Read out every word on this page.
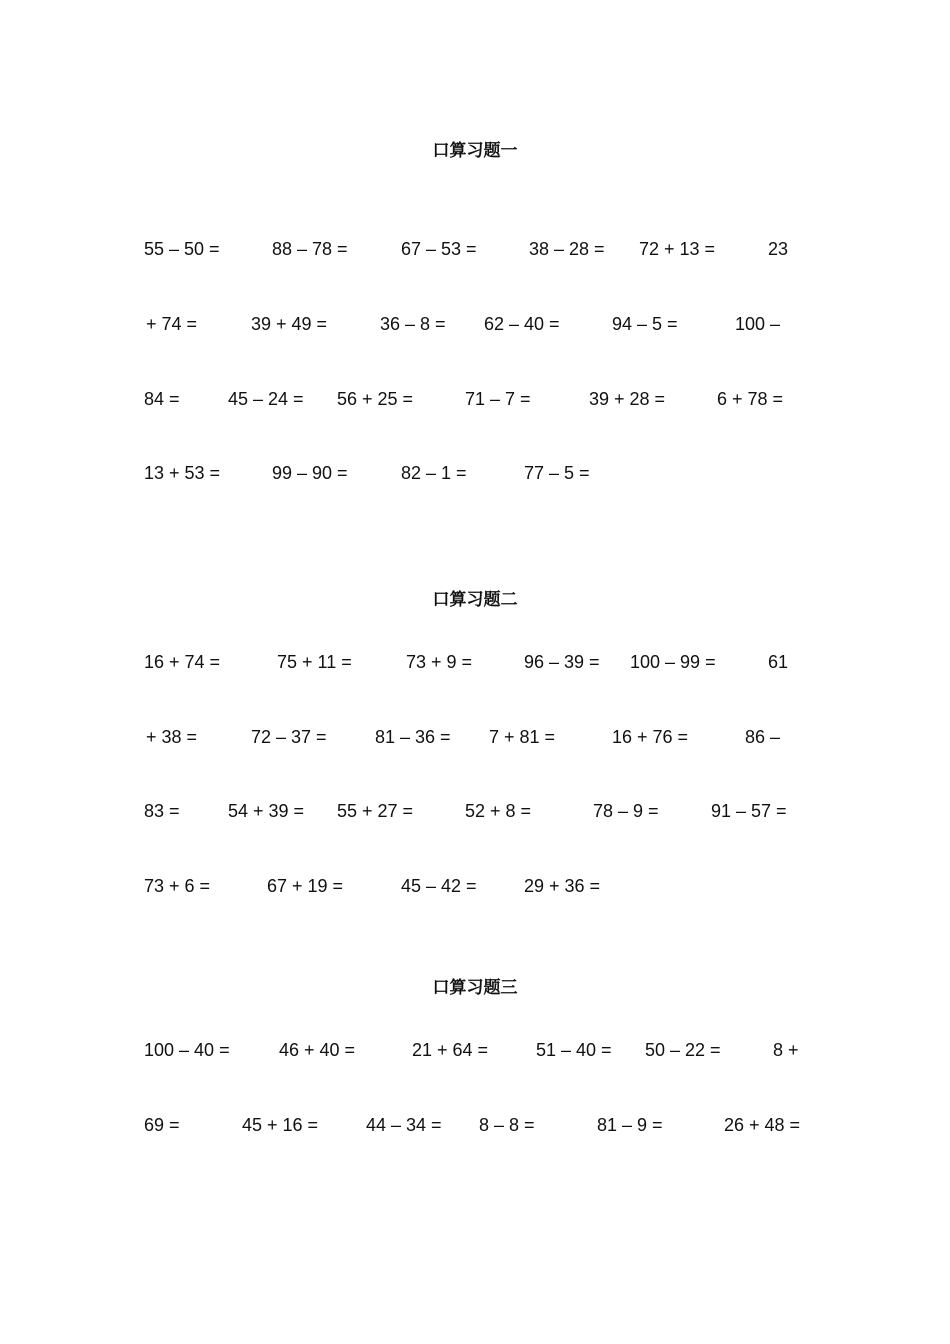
口算习题一
55 – 50 =	88 – 78 =	67 – 53 =	38 – 28 = 72 + 13 =	23
+ 74 =	39 + 49 =	36 – 8 = 62 – 40 =	94 – 5 =	100 –
84 =	45 – 24 = 56 + 25 =	71 – 7 =	39 + 28 =	6 + 78 =
13 + 53 =	99 – 90 =	82 – 1 =	77 – 5 =
口算习题二
16 + 74 =	75 + 11 =	73 + 9 =	96 – 39 = 100 – 99 =	61
+ 38 =	72 – 37 =	81 – 36 = 7 + 81 =	16 + 76 =	86 –
83 =	54 + 39 = 55 + 27 =	52 + 8 =	78 – 9 =	91 – 57 =
73 + 6 =	67 + 19 =	45 – 42 =	29 + 36 =
口算习题三
100 – 40 =	46 + 40 =	21 + 64 =	51 – 40 = 50 – 22 =	8 +
69 =	45 + 16 =	44 – 34 = 8 – 8 =	81 – 9 =	26 + 48 =
